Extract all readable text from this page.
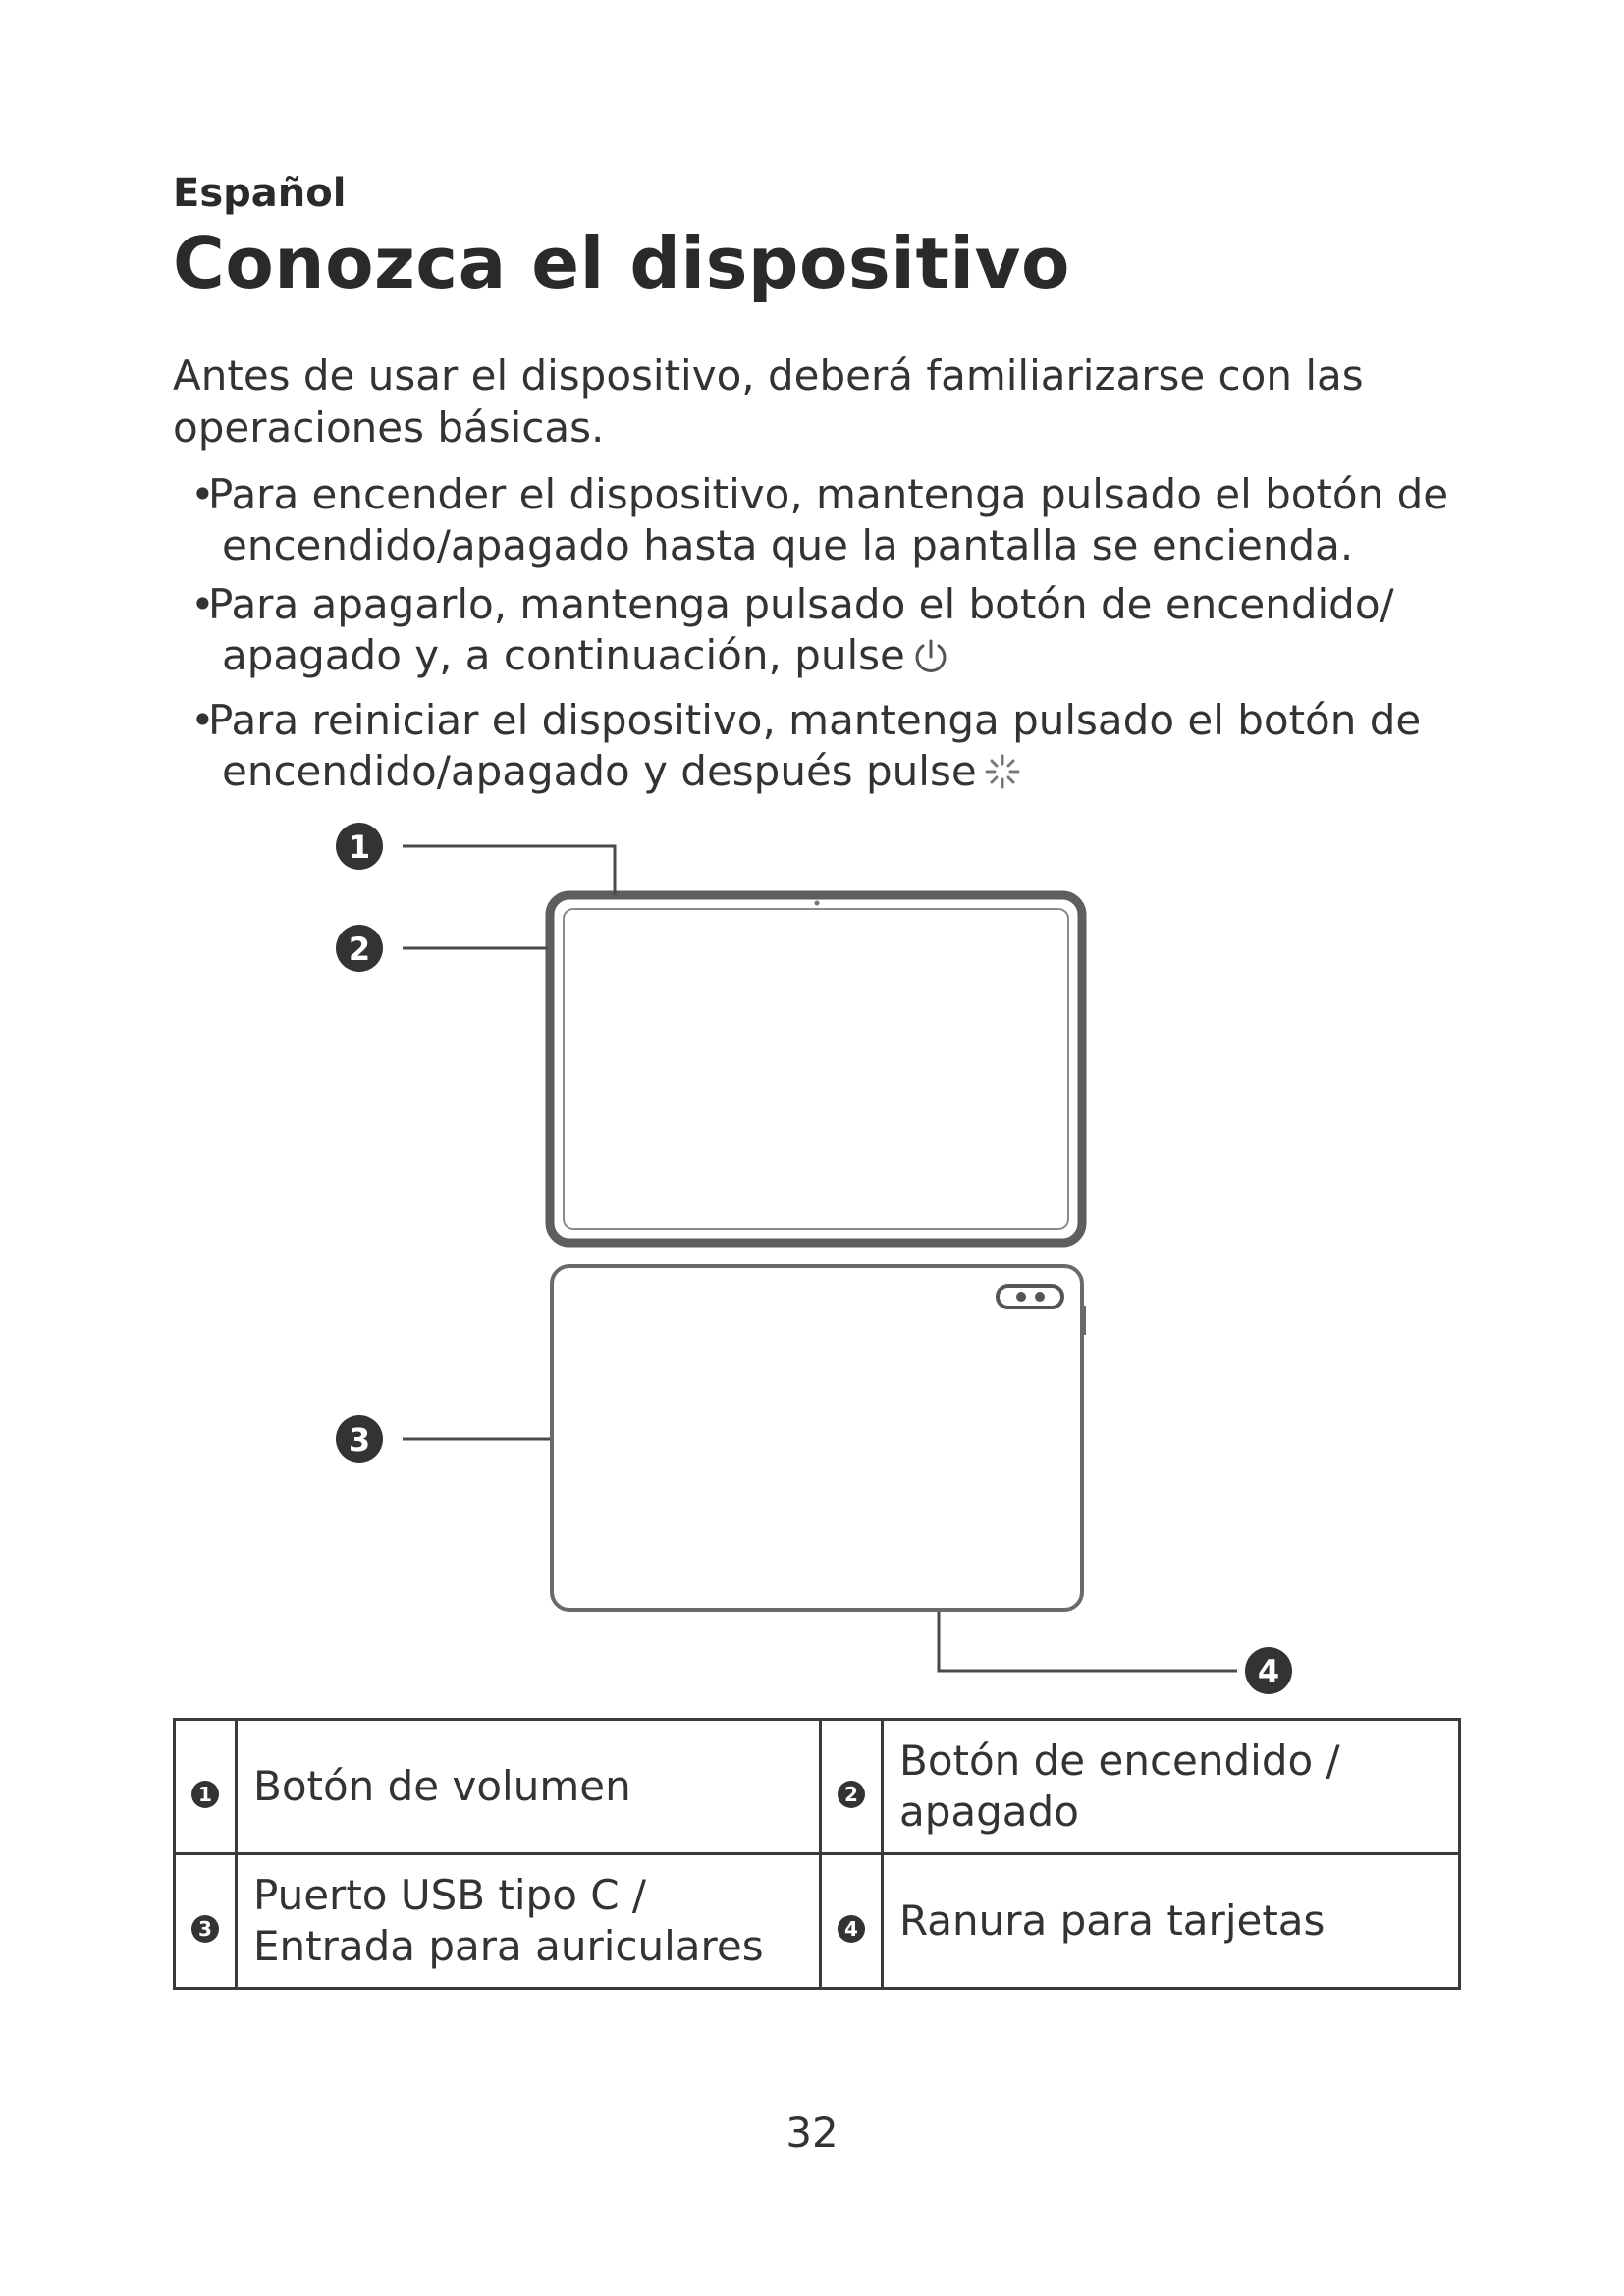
Español
Conozca el dispositivo
Antes de usar el dispositivo, deberá familiarizarse con las operaciones básicas.
• Para encender el dispositivo, mantenga pulsado el botón de encendido/apagado hasta que la pantalla se encienda.
• Para apagarlo, mantenga pulsado el botón de encendido/ apagado y, a continuación, pulse
• Para reiniciar el dispositivo, mantenga pulsado el botón de encendido/apagado y después pulse
1
2
3
4
1	Botón de volumen	2	Botón de encendido / apagado
3	Puerto USB tipo C / Entrada para auriculares	4	Ranura para tarjetas
32
